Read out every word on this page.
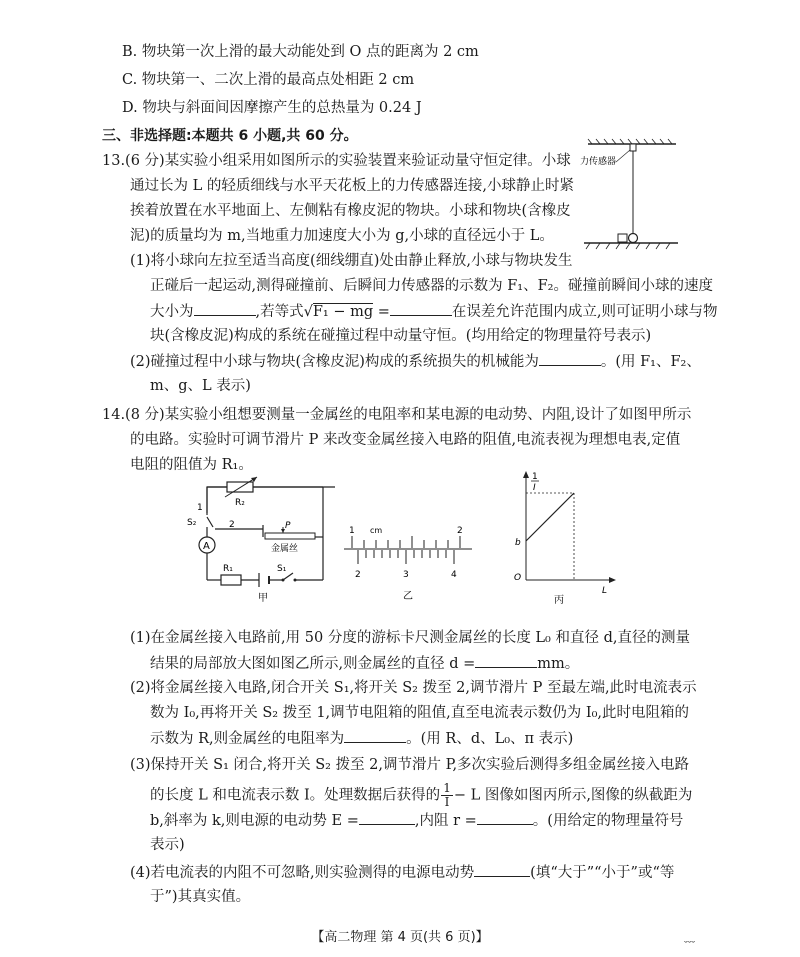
B. 物块第一次上滑的最大动能处到 O 点的距离为 2 cm
C. 物块第一、二次上滑的最高点处相距 2 cm
D. 物块与斜面间因摩擦产生的总热量为 0.24 J
三、非选择题:本题共 6 小题,共 60 分。
13.(6 分)某实验小组采用如图所示的实验装置来验证动量守恒定律。小球
通过长为 L 的轻质细线与水平天花板上的力传感器连接,小球静止时紧
挨着放置在水平地面上、左侧粘有橡皮泥的物块。小球和物块(含橡皮
泥)的质量均为 m,当地重力加速度大小为 g,小球的直径远小于 L。
力传感器
(1)将小球向左拉至适当高度(细线绷直)处由静止释放,小球与物块发生
正碰后一起运动,测得碰撞前、后瞬间力传感器的示数为 F₁、F₂。碰撞前瞬间小球的速度
大小为	,若等式√F₁ − mg =	在误差允许范围内成立,则可证明小球与物
块(含橡皮泥)构成的系统在碰撞过程中动量守恒。(均用给定的物理量符号表示)
(2)碰撞过程中小球与物块(含橡皮泥)构成的系统损失的机械能为	。(用 F₁、F₂、
m、g、L 表示)
14.(8 分)某实验小组想要测量一金属丝的电阻率和某电源的电动势、内阻,设计了如图甲所示
的电路。实验时可调节滑片 P 来改变金属丝接入电路的阻值,电流表视为理想电表,定值
电阻的阻值为 R₁。
R₂
1
S₂	2	P
金属丝
A
R₁	S₁
甲
1 cm	2
2	3	4
乙
1
I
b
O
L
丙
(1)在金属丝接入电路前,用 50 分度的游标卡尺测金属丝的长度 L₀ 和直径 d,直径的测量
结果的局部放大图如图乙所示,则金属丝的直径 d =	mm。
(2)将金属丝接入电路,闭合开关 S₁,将开关 S₂ 拨至 2,调节滑片 P 至最左端,此时电流表示
数为 I₀,再将开关 S₂ 拨至 1,调节电阻箱的阻值,直至电流表示数仍为 I₀,此时电阻箱的
示数为 R,则金属丝的电阻率为	。(用 R、d、L₀、π 表示)
(3)保持开关 S₁ 闭合,将开关 S₂ 拨至 2,调节滑片 P,多次实验后测得多组金属丝接入电路
的长度 L 和电流表示数 I。处理数据后获得的 $\frac{1}{I} - L$ 图像如图丙所示,图像的纵截距为
b,斜率为 k,则电源的电动势 E =	,内阻 r =	。(用给定的物理量符号
表示)
(4)若电流表的内阻不可忽略,则实验测得的电源电动势	(填“大于”“小于”或“等
于”)其真实值。
【高二物理 第 4 页(共 6 页)】	﹏
